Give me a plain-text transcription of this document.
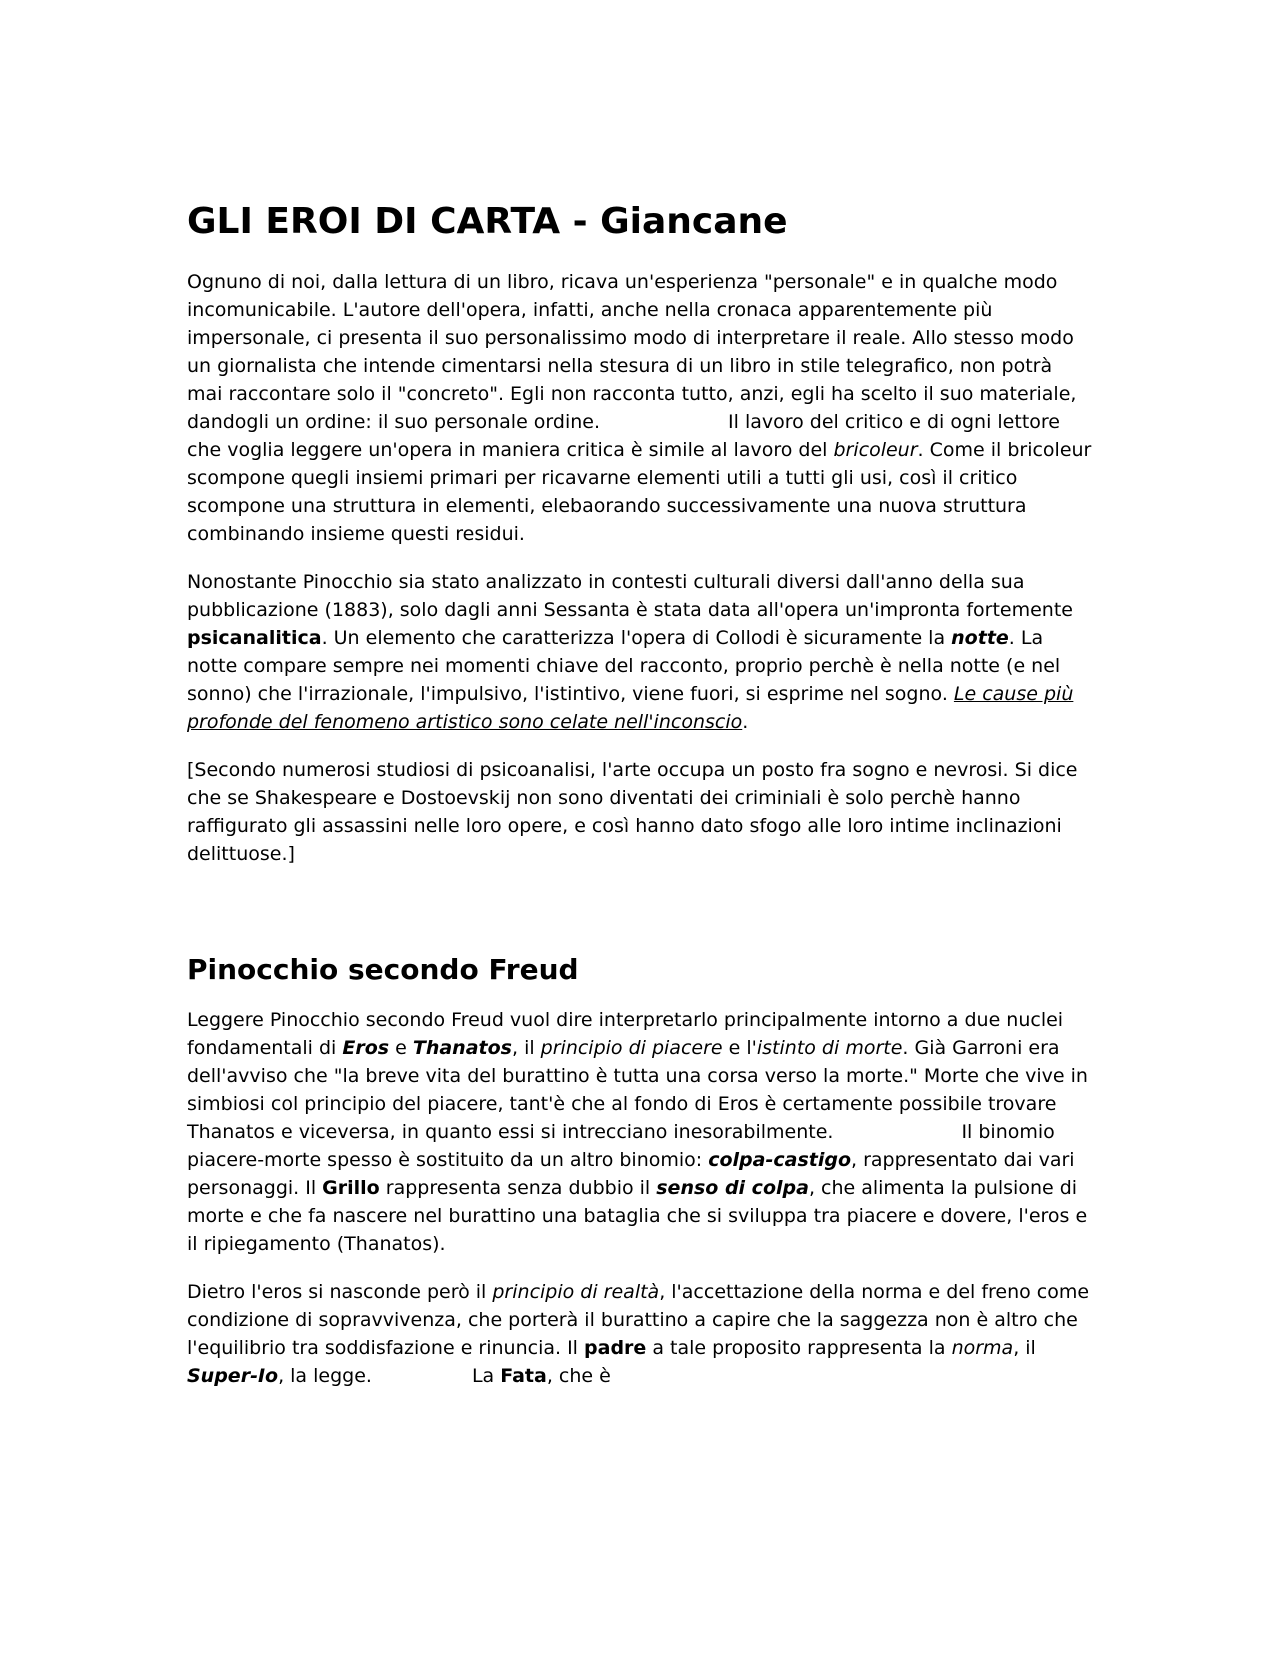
GLI EROI DI CARTA - Giancane

Ognuno di noi, dalla lettura di un libro, ricava un'esperienza "personale" e in qualche modo incomunicabile. L'autore dell'opera, infatti, anche nella cronaca apparentemente più impersonale, ci presenta il suo personalissimo modo di interpretare il reale. Allo stesso modo un giornalista che intende cimentarsi nella stesura di un libro in stile telegrafico, non potrà mai raccontare solo il "concreto". Egli non racconta tutto, anzi, egli ha scelto il suo materiale, dandogli un ordine: il suo personale ordine.	Il lavoro del critico e di ogni lettore che voglia leggere un'opera in maniera critica è simile al lavoro del bricoleur. Come il bricoleur scompone quegli insiemi primari per ricavarne elementi utili a tutti gli usi, così il critico scompone una struttura in elementi, elebaorando successivamente una nuova struttura combinando insieme questi residui.

Nonostante Pinocchio sia stato analizzato in contesti culturali diversi dall'anno della sua pubblicazione (1883), solo dagli anni Sessanta è stata data all'opera un'impronta fortemente psicanalitica. Un elemento che caratterizza l'opera di Collodi è sicuramente la notte. La notte compare sempre nei momenti chiave del racconto, proprio perchè è nella notte (e nel sonno) che l'irrazionale, l'impulsivo, l'istintivo, viene fuori, si esprime nel sogno. Le cause più profonde del fenomeno artistico sono celate nell'inconscio.

[Secondo numerosi studiosi di psicoanalisi, l'arte occupa un posto fra sogno e nevrosi. Si dice che se Shakespeare e Dostoevskij non sono diventati dei criminiali è solo perchè hanno raffigurato gli assassini nelle loro opere, e così hanno dato sfogo alle loro intime inclinazioni delittuose.]

Pinocchio secondo Freud

Leggere Pinocchio secondo Freud vuol dire interpretarlo principalmente intorno a due nuclei fondamentali di Eros e Thanatos, il principio di piacere e l'istinto di morte. Già Garroni era dell'avviso che "la breve vita del burattino è tutta una corsa verso la morte." Morte che vive in simbiosi col principio del piacere, tant'è che al fondo di Eros è certamente possibile trovare Thanatos e viceversa, in quanto essi si intrecciano inesorabilmente.	Il binomio piacere-morte spesso è sostituito da un altro binomio: colpa-castigo, rappresentato dai vari personaggi. Il Grillo rappresenta senza dubbio il senso di colpa, che alimenta la pulsione di morte e che fa nascere nel burattino una bataglia che si sviluppa tra piacere e dovere, l'eros e il ripiegamento (Thanatos).

Dietro l'eros si nasconde però il principio di realtà, l'accettazione della norma e del freno come condizione di sopravvivenza, che porterà il burattino a capire che la saggezza non è altro che l'equilibrio tra soddisfazione e rinuncia. Il padre a tale proposito rappresenta la norma, il Super-Io, la legge.	La Fata, che è
